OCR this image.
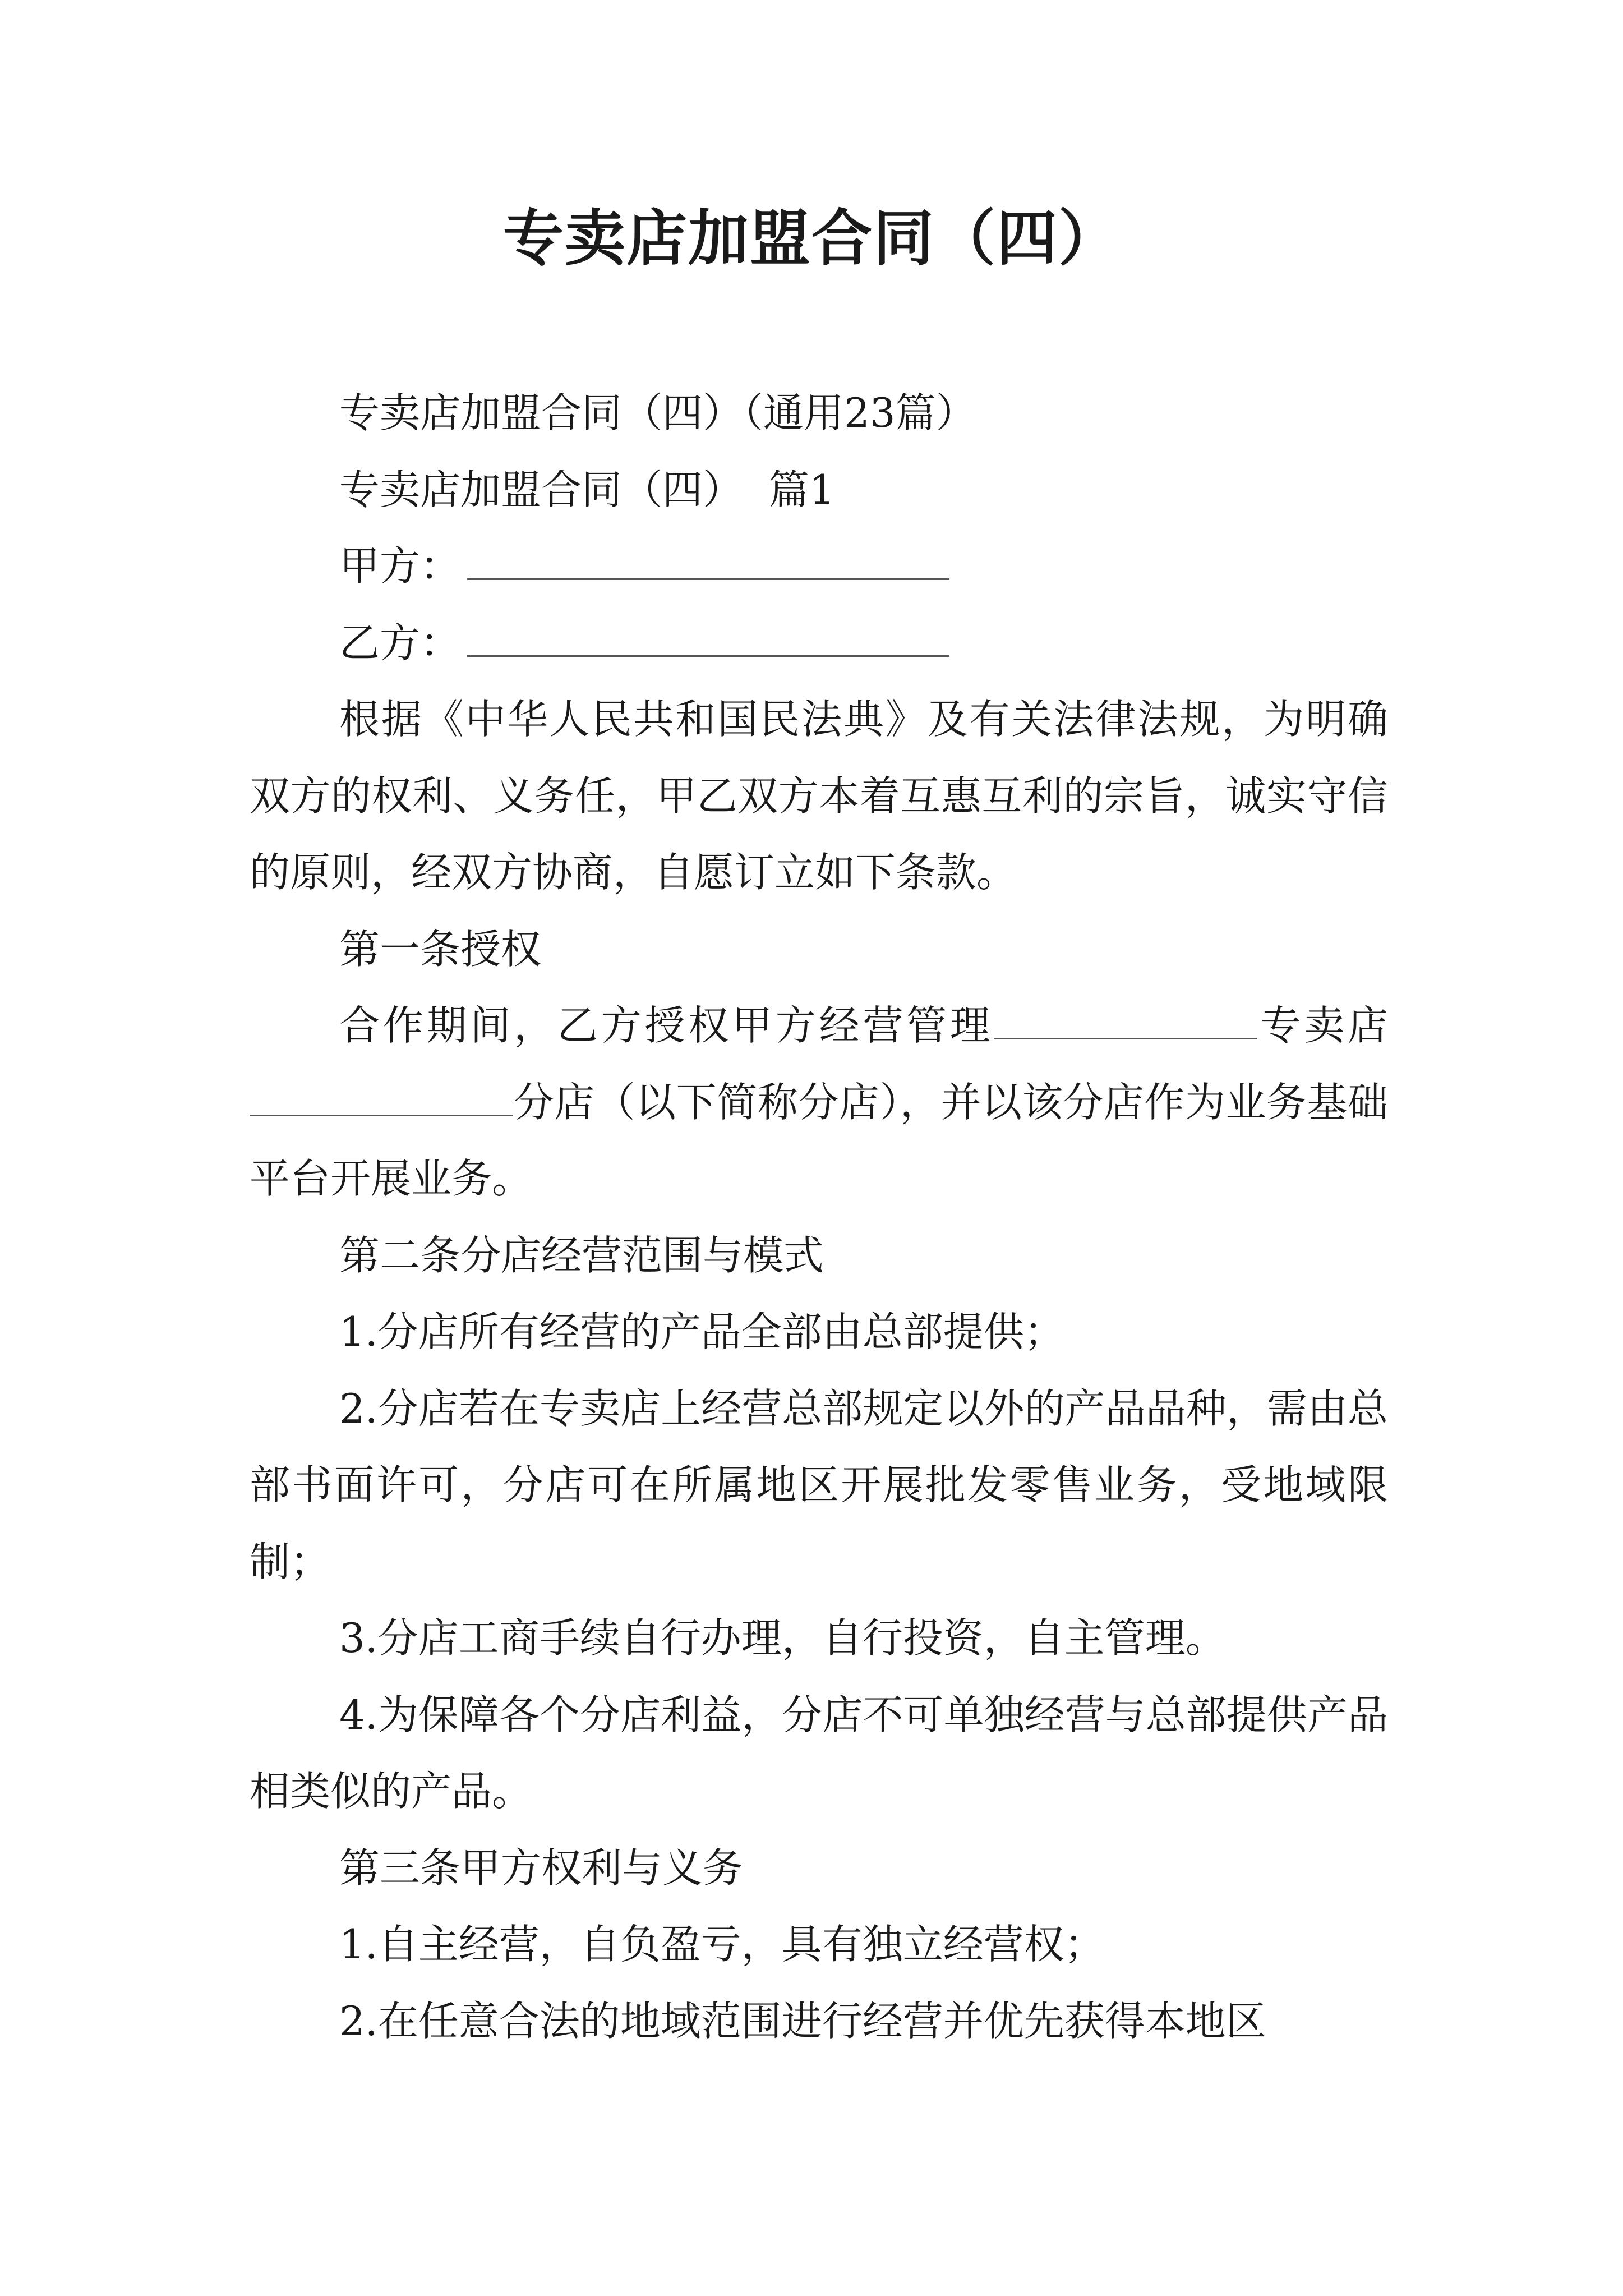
专卖店加盟合同（四）

专卖店加盟合同（四）（通用23篇）

专卖店加盟合同（四）  篇1

甲方：

乙方：

根据《中华人民共和国民法典》及有关法律法规，为明确双方的权利、义务任，甲乙双方本着互惠互利的宗旨，诚实守信的原则，经双方协商，自愿订立如下条款。

第一条授权

合作期间，乙方授权甲方经营管理	专卖店分店（以下简称分店），并以该分店作为业务基础平台开展业务。

第二条分店经营范围与模式

1.分店所有经营的产品全部由总部提供；

2.分店若在专卖店上经营总部规定以外的产品品种，需由总部书面许可，分店可在所属地区开展批发零售业务，受地域限制；

3.分店工商手续自行办理，自行投资，自主管理。

4.为保障各个分店利益，分店不可单独经营与总部提供产品相类似的产品。

第三条甲方权利与义务

1.自主经营，自负盈亏，具有独立经营权；

2.在任意合法的地域范围进行经营并优先获得本地区
